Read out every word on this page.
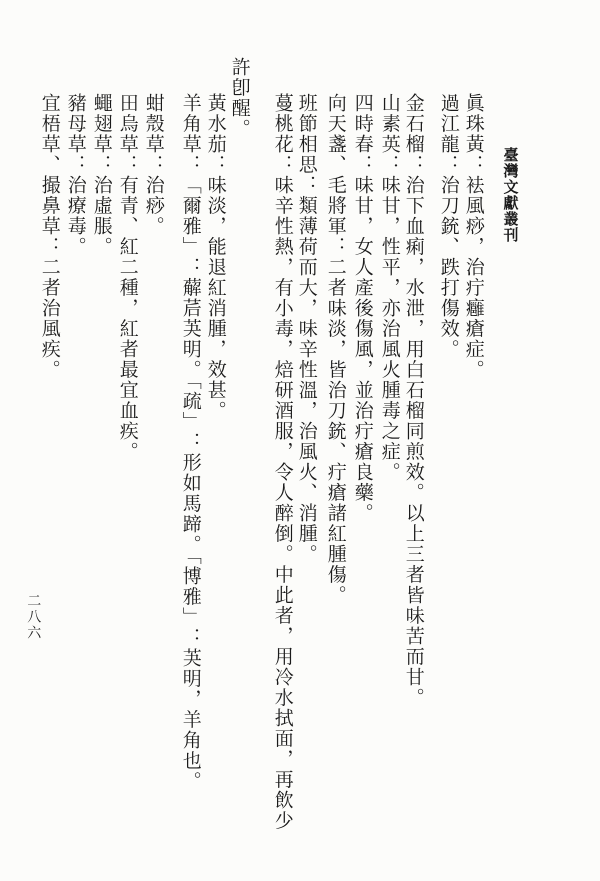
臺灣文獻叢刊
二八六
眞珠黃：袪風痧，治疔癰瘡症。
過江龍：治刀銃、跌打傷效。
金石榴：治下血痢，水泄，用白石榴同煎效。以上三者皆味苦而甘。
山素英：味甘，性平，亦治風火腫毒之症。
四時春：味甘，女人產後傷風，並治疔瘡良藥。
向天盞、毛將軍：二者味淡，皆治刀銃、疔瘡諸紅腫傷。
班節相思：類薄荷而大，味辛性溫，治風火、消腫。
蔓桃花：味辛性熱，有小毒，焙研酒服，令人醉倒。中此者，用冷水拭面，再飲少
許卽醒。
黃水茄：味淡，能退紅消腫，效甚。
羊角草：「爾雅」：薢茩芵明。「疏」：形如馬蹄。「博雅」：芵明，羊角也。
蚶殼草：治痧。
田烏草：有青、紅二種，紅者最宜血疾。
蠅翅草：治虛脹。
豬母草：治療毒。
宜梧草、撮鼻草：二者治風疾。
